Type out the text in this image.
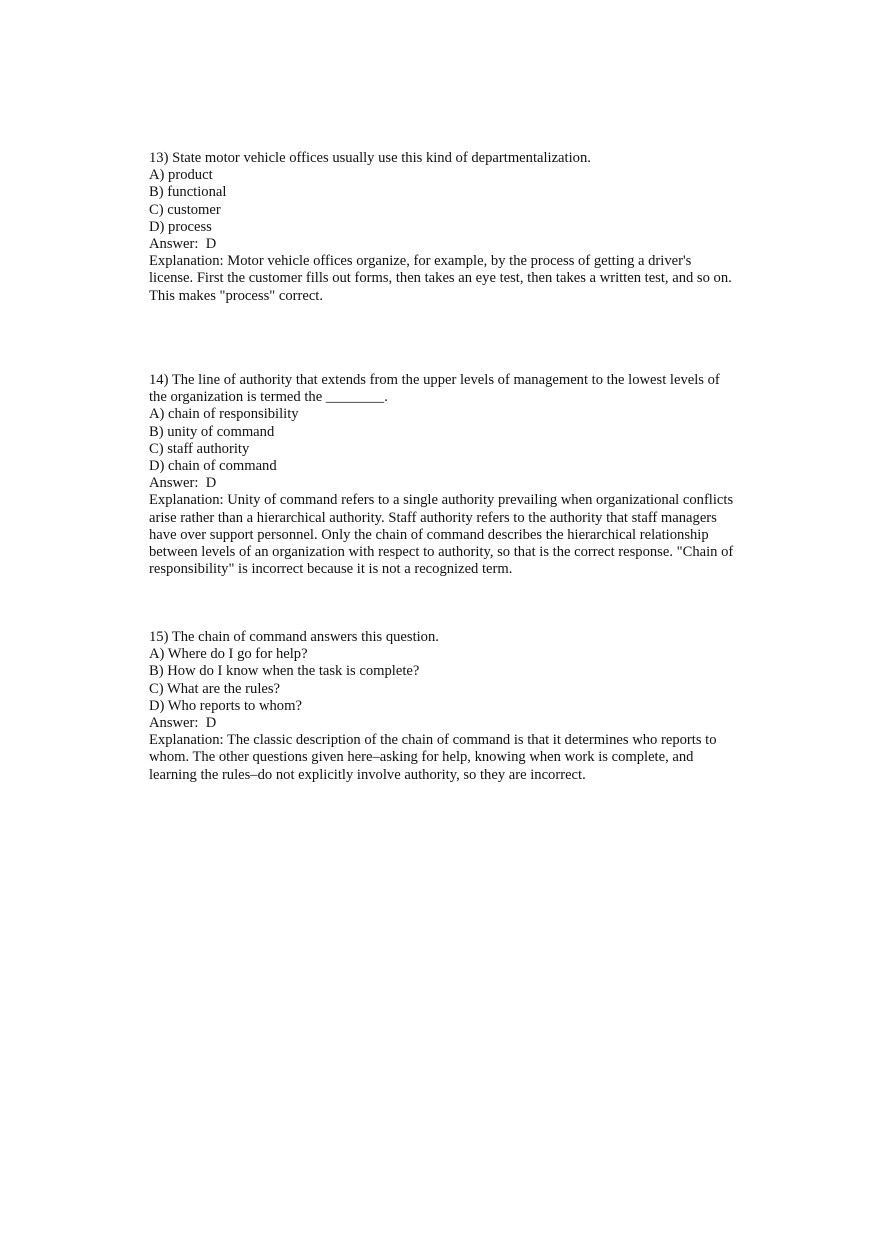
13) State motor vehicle offices usually use this kind of departmentalization.
A) product
B) functional
C) customer
D) process
Answer:  D
Explanation: Motor vehicle offices organize, for example, by the process of getting a driver's license. First the customer fills out forms, then takes an eye test, then takes a written test, and so on. This makes "process" correct.
14) The line of authority that extends from the upper levels of management to the lowest levels of the organization is termed the ________.
A) chain of responsibility
B) unity of command
C) staff authority
D) chain of command
Answer:  D
Explanation: Unity of command refers to a single authority prevailing when organizational conflicts arise rather than a hierarchical authority. Staff authority refers to the authority that staff managers have over support personnel. Only the chain of command describes the hierarchical relationship between levels of an organization with respect to authority, so that is the correct response. "Chain of responsibility" is incorrect because it is not a recognized term.
15) The chain of command answers this question.
A) Where do I go for help?
B) How do I know when the task is complete?
C) What are the rules?
D) Who reports to whom?
Answer:  D
Explanation: The classic description of the chain of command is that it determines who reports to whom. The other questions given here–asking for help, knowing when work is complete, and learning the rules–do not explicitly involve authority, so they are incorrect.
